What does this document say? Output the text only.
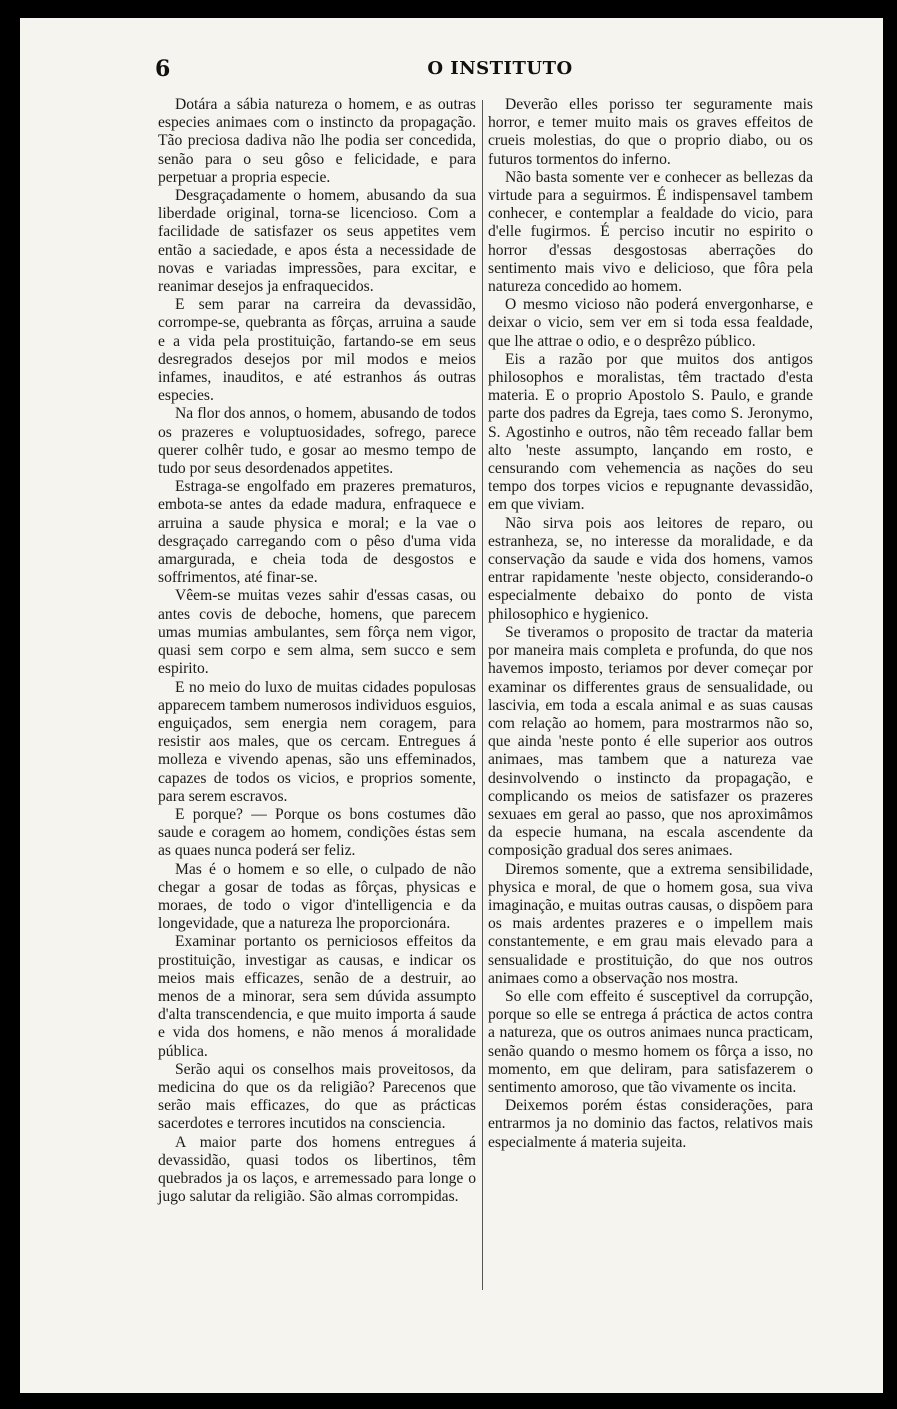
6	O INSTITUTO

Dotára a sábia natureza o homem, e as outras especies animaes com o instincto da propagação. Tão preciosa dadiva não lhe podia ser concedida, senão para o seu gôso e felicidade, e para perpetuar a propria especie.

Desgraçadamente o homem, abusando da sua liberdade original, torna-se licencioso. Com a facilidade de satisfazer os seus appetites vem então a saciedade, e apos ésta a necessidade de novas e variadas impressões, para excitar, e reanimar desejos ja enfraquecidos.

E sem parar na carreira da devassidão, corrompe-se, quebranta as fôrças, arruina a saude e a vida pela prostituição, fartando-se em seus desregrados desejos por mil modos e meios infames, inauditos, e até estranhos ás outras especies.

Na flor dos annos, o homem, abusando de todos os prazeres e voluptuosidades, sofrego, parece querer colhêr tudo, e gosar ao mesmo tempo de tudo por seus desordenados appetites.

Estraga-se engolfado em prazeres prematuros, embota-se antes da edade madura, enfraquece e arruina a saude physica e moral; e la vae o desgraçado carregando com o pêso d'uma vida amargurada, e cheia toda de desgostos e soffrimentos, até finar-se.

Vêem-se muitas vezes sahir d'essas casas, ou antes covis de deboche, homens, que parecem umas mumias ambulantes, sem fôrça nem vigor, quasi sem corpo e sem alma, sem succo e sem espirito.

E no meio do luxo de muitas cidades populosas apparecem tambem numerosos individuos esguios, enguiçados, sem energia nem coragem, para resistir aos males, que os cercam. Entregues á molleza e vivendo apenas, são uns effeminados, capazes de todos os vicios, e proprios somente, para serem escravos.

E porque? — Porque os bons costumes dão saude e coragem ao homem, condições éstas sem as quaes nunca poderá ser feliz.

Mas é o homem e so elle, o culpado de não chegar a gosar de todas as fôrças, physicas e moraes, de todo o vigor d'intelligencia e da longevidade, que a natureza lhe proporcionára.

Examinar portanto os perniciosos effeitos da prostituição, investigar as causas, e indicar os meios mais efficazes, senão de a destruir, ao menos de a minorar, sera sem dúvida assumpto d'alta transcendencia, e que muito importa á saude e vida dos homens, e não menos á moralidade pública.

Serão aqui os conselhos mais proveitosos, da medicina do que os da religião? Parecenos que serão mais efficazes, do que as prácticas sacerdotes e terrores incutidos na consciencia.

A maior parte dos homens entregues á devassidão, quasi todos os libertinos, têm quebrados ja os laços, e arremessado para longe o jugo salutar da religião. São almas corrompidas.

Deverão elles porisso ter seguramente mais horror, e temer muito mais os graves effeitos de crueis molestias, do que o proprio diabo, ou os futuros tormentos do inferno.

Não basta somente ver e conhecer as bellezas da virtude para a seguirmos. É indispensavel tambem conhecer, e contemplar a fealdade do vicio, para d'elle fugirmos. É perciso incutir no espirito o horror d'essas desgostosas aberrações do sentimento mais vivo e delicioso, que fôra pela natureza concedido ao homem.

O mesmo vicioso não poderá envergonharse, e deixar o vicio, sem ver em si toda essa fealdade, que lhe attrae o odio, e o desprêzo público.

Eis a razão por que muitos dos antigos philosophos e moralistas, têm tractado d'esta materia. E o proprio Apostolo S. Paulo, e grande parte dos padres da Egreja, taes como S. Jeronymo, S. Agostinho e outros, não têm receado fallar bem alto 'neste assumpto, lançando em rosto, e censurando com vehemencia as nações do seu tempo dos torpes vicios e repugnante devassidão, em que viviam.

Não sirva pois aos leitores de reparo, ou estranheza, se, no interesse da moralidade, e da conservação da saude e vida dos homens, vamos entrar rapidamente 'neste objecto, considerando-o especialmente debaixo do ponto de vista philosophico e hygienico.

Se tiveramos o proposito de tractar da materia por maneira mais completa e profunda, do que nos havemos imposto, teriamos por dever começar por examinar os differentes graus de sensualidade, ou lascivia, em toda a escala animal e as suas causas com relação ao homem, para mostrarmos não so, que ainda 'neste ponto é elle superior aos outros animaes, mas tambem que a natureza vae desinvolvendo o instincto da propagação, e complicando os meios de satisfazer os prazeres sexuaes em geral ao passo, que nos aproximâmos da especie humana, na escala ascendente da composição gradual dos seres animaes.

Diremos somente, que a extrema sensibilidade, physica e moral, de que o homem gosa, sua viva imaginação, e muitas outras causas, o dispõem para os mais ardentes prazeres e o impellem mais constantemente, e em grau mais elevado para a sensualidade e prostituição, do que nos outros animaes como a observação nos mostra.

So elle com effeito é susceptivel da corrupção, porque so elle se entrega á práctica de actos contra a natureza, que os outros animaes nunca practicam, senão quando o mesmo homem os fôrça a isso, no momento, em que deliram, para satisfazerem o sentimento amoroso, que tão vivamente os incita.

Deixemos porém éstas considerações, para entrarmos ja no dominio das factos, relativos mais especialmente á materia sujeita.
